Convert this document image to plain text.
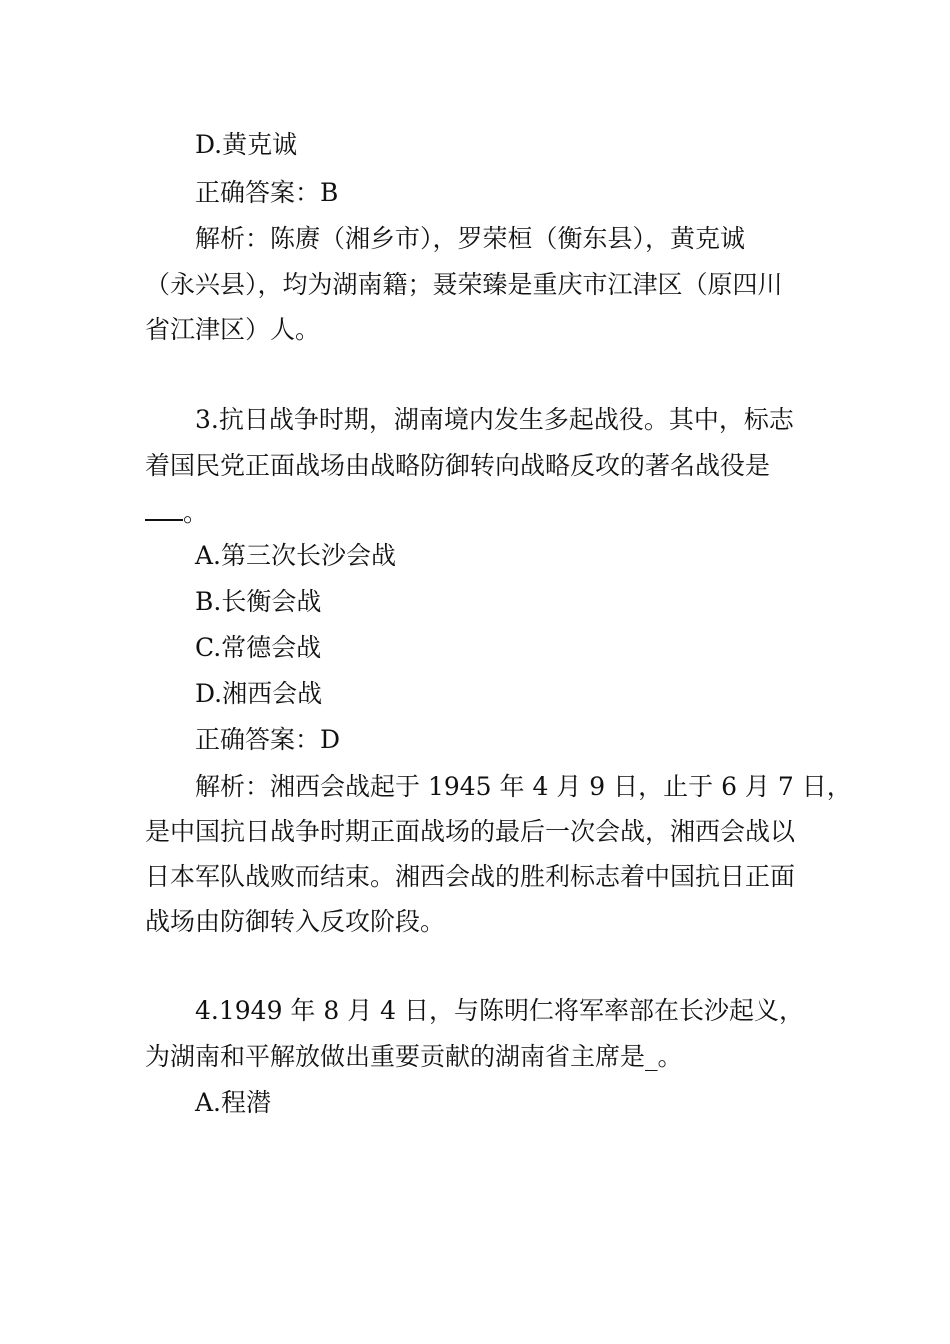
D.黄克诚
正确答案：B
解析：陈赓（湘乡市），罗荣桓（衡东县），黄克诚
（永兴县），均为湖南籍；聂荣臻是重庆市江津区（原四川
省江津区）人。
3.抗日战争时期，湖南境内发生多起战役。其中，标志
着国民党正面战场由战略防御转向战略反攻的著名战役是
。
A.第三次长沙会战
B.长衡会战
C.常德会战
D.湘西会战
正确答案：D
解析：湘西会战起于 1945 年 4 月 9 日，止于 6 月 7 日，
是中国抗日战争时期正面战场的最后一次会战，湘西会战以
日本军队战败而结束。湘西会战的胜利标志着中国抗日正面
战场由防御转入反攻阶段。
4.1949 年 8 月 4 日，与陈明仁将军率部在长沙起义，
为湖南和平解放做出重要贡献的湖南省主席是_。
A.程潜
